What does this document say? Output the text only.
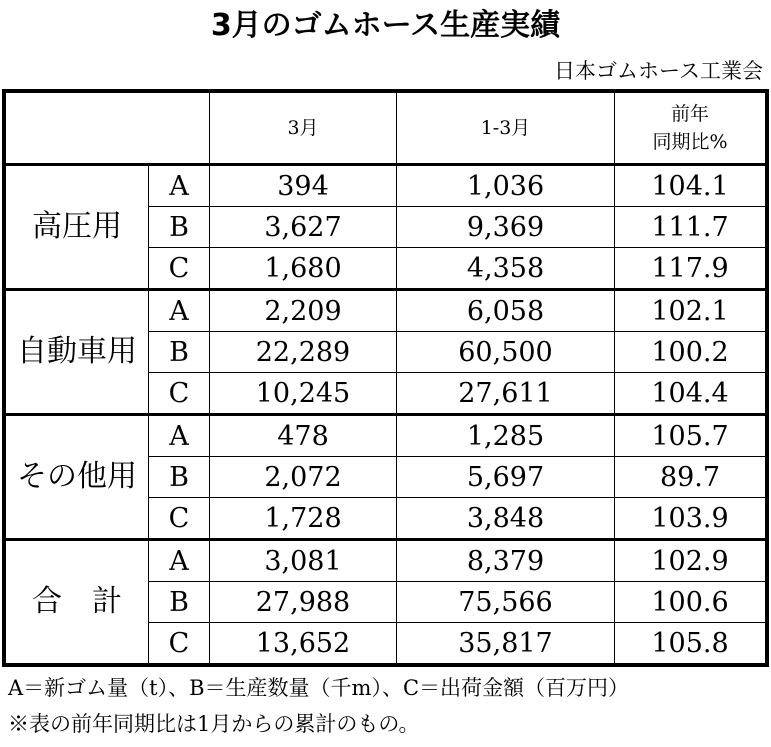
3月のゴムホース生産実績
日本ゴムホース工業会
		3月	1-3月	前年
同期比%
高圧用	A	394	1,036	104.1
	B	3,627	9,369	111.7
	C	1,680	4,358	117.9
自動車用	A	2,209	6,058	102.1
	B	22,289	60,500	100.2
	C	10,245	27,611	104.4
その他用	A	478	1,285	105.7
	B	2,072	5,697	89.7
	C	1,728	3,848	103.9
合　計	A	3,081	8,379	102.9
	B	27,988	75,566	100.6
	C	13,652	35,817	105.8
A＝新ゴム量（t）、B＝生産数量（千m）、C＝出荷金額（百万円）
※表の前年同期比は1月からの累計のもの。
